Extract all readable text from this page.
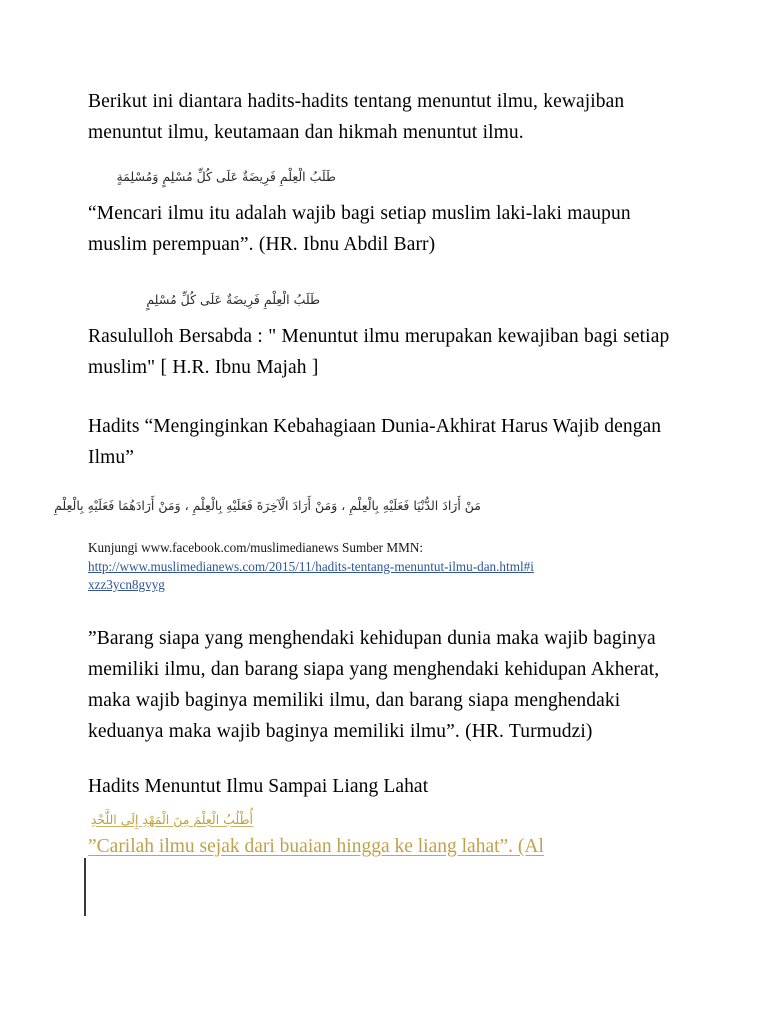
Berikut ini diantara hadits-hadits tentang menuntut ilmu, kewajiban menuntut ilmu, keutamaan dan hikmah menuntut ilmu.

طَلَبُ الْعِلْمِ فَرِيضَةٌ عَلَى كُلِّ مُسْلِمٍ وَمُسْلِمَةٍ

“Mencari ilmu itu adalah wajib bagi setiap muslim laki-laki maupun muslim perempuan”. (HR. Ibnu Abdil Barr)

طَلَبُ الْعِلْمِ فَرِيضَةٌ عَلَى كُلِّ مُسْلِمٍ

Rasululloh Bersabda : " Menuntut ilmu merupakan kewajiban bagi setiap muslim" [ H.R. Ibnu Majah ]

Hadits “Menginginkan Kebahagiaan Dunia-Akhirat Harus Wajib dengan Ilmu”

مَنْ أَرَادَ الدُّنْيَا فَعَلَيْهِ بِالْعِلْمِ ، وَمَنْ أَرَادَ الْآخِرَةَ فَعَلَيْهِ بِالْعِلْمِ ، وَمَنْ أَرَادَهُمَا فَعَلَيْهِ بِالْعِلْمِ

Kunjungi www.facebook.com/muslimedianews Sumber MMN:

http://www.muslimedianews.com/2015/11/hadits-tentang-menuntut-ilmu-dan.html#ixzz3ycn8gvyg

”Barang siapa yang menghendaki kehidupan dunia maka wajib baginya memiliki ilmu, dan barang siapa yang menghendaki kehidupan Akherat, maka wajib baginya memiliki ilmu, dan barang siapa menghendaki keduanya maka wajib baginya memiliki ilmu”. (HR. Turmudzi)

Hadits Menuntut Ilmu Sampai Liang Lahat

أُطْلُبُ الْعِلْمَ مِنَ الْمَهْدِ إِلَى اللَّحْدِ

”Carilah ilmu sejak dari buaian hingga ke liang lahat”. (Al
